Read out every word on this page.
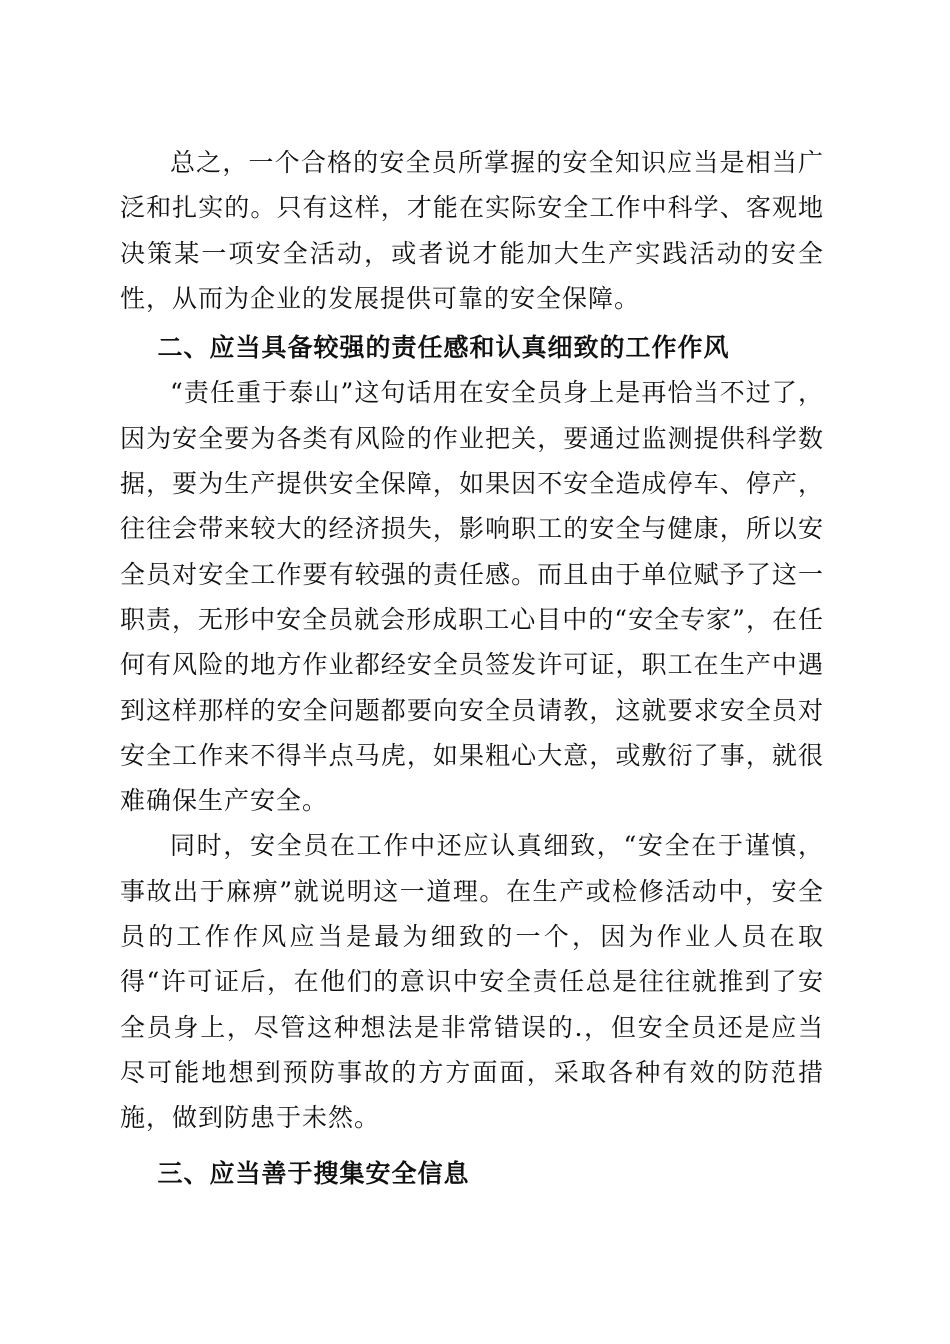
总之，一个合格的安全员所掌握的安全知识应当是相当广泛和扎实的。只有这样，才能在实际安全工作中科学、客观地决策某一项安全活动，或者说才能加大生产实践活动的安全性，从而为企业的发展提供可靠的安全保障。

二、应当具备较强的责任感和认真细致的工作作风

“责任重于泰山”这句话用在安全员身上是再恰当不过了，因为安全要为各类有风险的作业把关，要通过监测提供科学数据，要为生产提供安全保障，如果因不安全造成停车、停产，往往会带来较大的经济损失，影响职工的安全与健康，所以安全员对安全工作要有较强的责任感。而且由于单位赋予了这一职责，无形中安全员就会形成职工心目中的“安全专家”，在任何有风险的地方作业都经安全员签发许可证，职工在生产中遇到这样那样的安全问题都要向安全员请教，这就要求安全员对安全工作来不得半点马虎，如果粗心大意，或敷衍了事，就很难确保生产安全。

同时，安全员在工作中还应认真细致，“安全在于谨慎，事故出于麻痹”就说明这一道理。在生产或检修活动中，安全员的工作作风应当是最为细致的一个，因为作业人员在取得“许可证后，在他们的意识中安全责任总是往往就推到了安全员身上，尽管这种想法是非常错误的.，但安全员还是应当尽可能地想到预防事故的方方面面，采取各种有效的防范措施，做到防患于未然。

三、应当善于搜集安全信息
